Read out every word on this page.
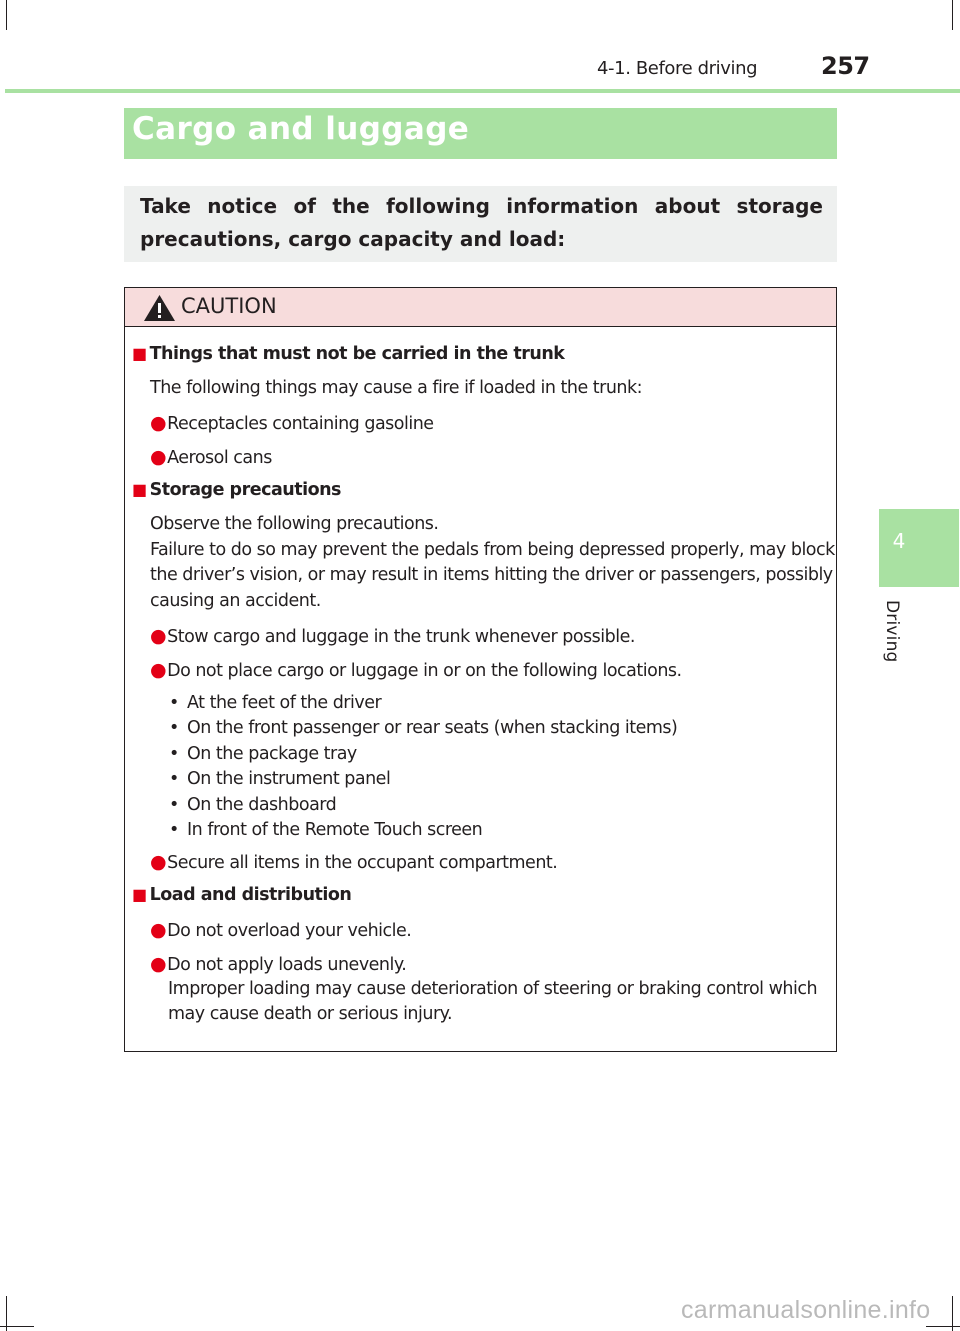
4-1. Before driving	257
Cargo and luggage
Take notice of the following information about storage precautions, cargo capacity and load:
CAUTION
■ Things that must not be carried in the trunk
The following things may cause a fire if loaded in the trunk:
●Receptacles containing gasoline
●Aerosol cans
■ Storage precautions
Observe the following precautions.
Failure to do so may prevent the pedals from being depressed properly, may block
the driver’s vision, or may result in items hitting the driver or passengers, possibly
causing an accident.
●Stow cargo and luggage in the trunk whenever possible.
●Do not place cargo or luggage in or on the following locations.
• At the feet of the driver
• On the front passenger or rear seats (when stacking items)
• On the package tray
• On the instrument panel
• On the dashboard
• In front of the Remote Touch screen
●Secure all items in the occupant compartment.
■ Load and distribution
●Do not overload your vehicle.
●Do not apply loads unevenly.
Improper loading may cause deterioration of steering or braking control which
may cause death or serious injury.
4
Driving
carmanualsonline.info
